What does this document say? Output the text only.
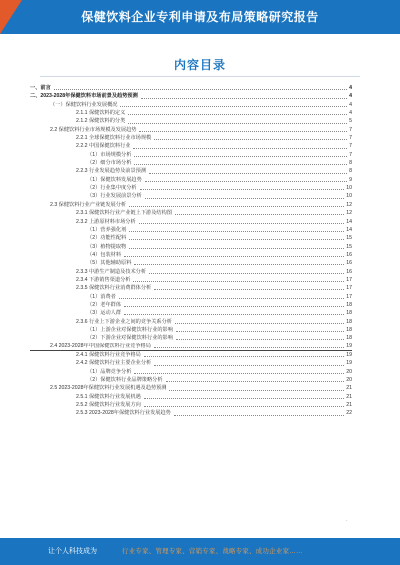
保健饮料企业专利申请及布局策略研究报告
内容目录
一、前言	4
二、2023-2028年保健饮料市场前景及趋势预测	4
（一）保健饮料行业发展概况	4
2.1.1 保健饮料的定义	4
2.1.2 保健饮料的分类	5
2.2 保健饮料行业市场规模及发展趋势	7
2.2.1 全球保健饮料行业市场规模	7
2.2.2 中国保健饮料行业	7
（1）市场规模分析	7
（2）细分市场分析	8
2.2.3 行业发展趋势及前景预测	8
（1）保健饮料发展趋势	9
（2）行业集中度分析	10
（3）行业发展前景分析	10
2.3 保健饮料行业产业链发展分析	12
2.3.1 保健饮料行业产业链上下游及结构图	12
2.3.2 上游原材料市场分析	14
（1）营养强化剂	14
（2）功能性配料	15
（3）植物提取物	15
（4）包装材料	16
（5）其他辅助原料	16
2.3.3 中游生产制造及技术分析	16
2.3.4 下游销售渠道分析	17
2.3.5 保健饮料行业消费群体分析	17
（1）消费者	17
（2）老年群体	18
（3）运动人群	18
2.3.6 行业上下游企业之间的竞争关系分析	18
（1）上游企业对保健饮料行业的影响	18
（2）下游企业对保健饮料行业的影响	18
2.4 2023-2028年中国保健饮料行业竞争格局	19
2.4.1 保健饮料行业竞争格局	19
2.4.2 保健饮料行业主要企业分析	19
（1）品牌竞争分析	20
（2）保健饮料行业品牌策略分析	20
2.5 2023-2028年保健饮料行业发展机遇及趋势预测	21
2.5.1 保健饮料行业发展机遇	21
2.5.2 保健饮料行业发展方向	21
2.5.3 2023-2028年保健饮料行业发展趋势	22
·
让个人科技成为	行业专家、管理专家、营销专家、战略专家、成功企业家……
